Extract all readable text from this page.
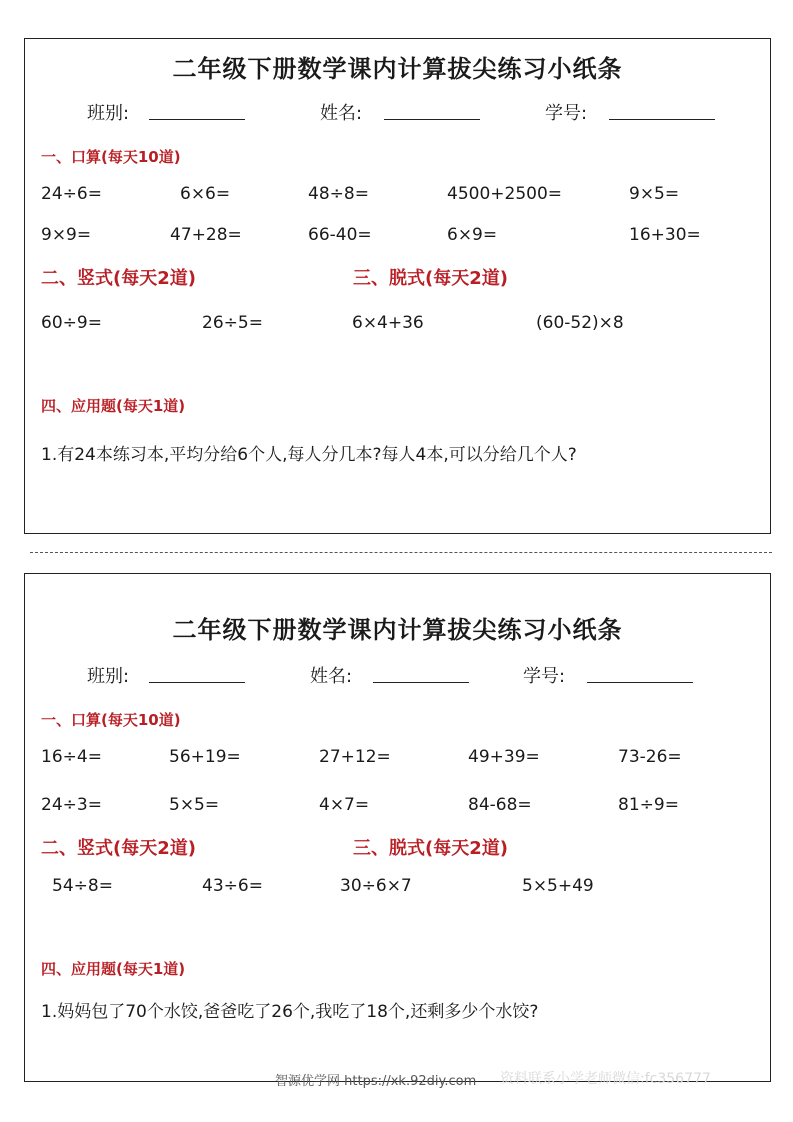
二年级下册数学课内计算拔尖练习小纸条
班别:	姓名:	学号:
一、口算(每天10道)
24÷6=	6×6=	48÷8=	4500+2500=	9×5=
9×9=	47+28=	66-40=	6×9=	16+30=
二、竖式(每天2道)	三、脱式(每天2道)
60÷9=	26÷5=	6×4+36	(60-52)×8
四、应用题(每天1道)
1.有24本练习本,平均分给6个人,每人分几本?每人4本,可以分给几个人?
二年级下册数学课内计算拔尖练习小纸条
班别:	姓名:	学号:
一、口算(每天10道)
16÷4=	56+19=	27+12=	49+39=	73-26=
24÷3=	5×5=	4×7=	84-68=	81÷9=
二、竖式(每天2道)	三、脱式(每天2道)
54÷8=	43÷6=	30÷6×7	5×5+49
四、应用题(每天1道)
1.妈妈包了70个水饺,爸爸吃了26个,我吃了18个,还剩多少个水饺?
资料联系小学老师微信:fc356777
智源优学网 https://xk.92diy.com
